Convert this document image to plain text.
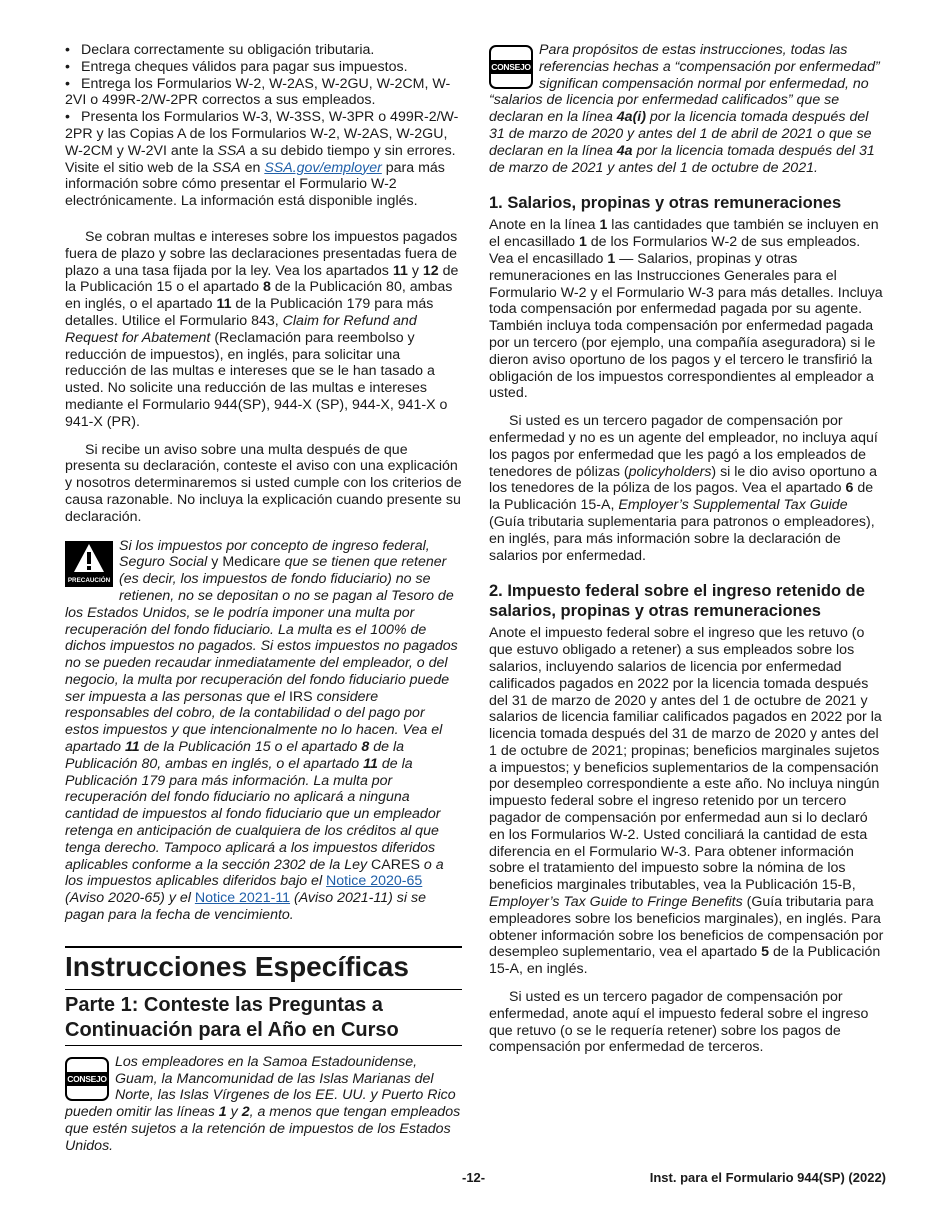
• Declara correctamente su obligación tributaria.

• Entrega cheques válidos para pagar sus impuestos.

• Entrega los Formularios W-2, W-2AS, W-2GU, W-2CM, W-2VI o 499R-2/W-2PR correctos a sus empleados.

• Presenta los Formularios W-3, W-3SS, W-3PR o 499R-2/W-2PR y las Copias A de los Formularios W-2, W-2AS, W-2GU, W-2CM y W-2VI ante la SSA a su debido tiempo y sin errores. Visite el sitio web de la SSA en SSA.gov/employer para más información sobre cómo presentar el Formulario W-2 electrónicamente. La información está disponible inglés.

Se cobran multas e intereses sobre los impuestos pagados fuera de plazo y sobre las declaraciones presentadas fuera de plazo a una tasa fijada por la ley. Vea los apartados 11 y 12 de la Publicación 15 o el apartado 8 de la Publicación 80, ambas en inglés, o el apartado 11 de la Publicación 179 para más detalles. Utilice el Formulario 843, Claim for Refund and Request for Abatement (Reclamación para reembolso y reducción de impuestos), en inglés, para solicitar una reducción de las multas e intereses que se le han tasado a usted. No solicite una reducción de las multas e intereses mediante el Formulario 944(SP), 944-X (SP), 944-X, 941-X o 941-X (PR).

Si recibe un aviso sobre una multa después de que presenta su declaración, conteste el aviso con una explicación y nosotros determinaremos si usted cumple con los criterios de causa razonable. No incluya la explicación cuando presente su declaración.

PRECAUCIÓN
Si los impuestos por concepto de ingreso federal, Seguro Social y Medicare que se tienen que retener (es decir, los impuestos de fondo fiduciario) no se retienen, no se depositan o no se pagan al Tesoro de los Estados Unidos, se le podría imponer una multa por recuperación del fondo fiduciario. La multa es el 100% de dichos impuestos no pagados. Si estos impuestos no pagados no se pueden recaudar inmediatamente del empleador, o del negocio, la multa por recuperación del fondo fiduciario puede ser impuesta a las personas que el IRS considere responsables del cobro, de la contabilidad o del pago por estos impuestos y que intencionalmente no lo hacen. Vea el apartado 11 de la Publicación 15 o el apartado 8 de la Publicación 80, ambas en inglés, o el apartado 11 de la Publicación 179 para más información. La multa por recuperación del fondo fiduciario no aplicará a ninguna cantidad de impuestos al fondo fiduciario que un empleador retenga en anticipación de cualquiera de los créditos al que tenga derecho. Tampoco aplicará a los impuestos diferidos aplicables conforme a la sección 2302 de la Ley CARES o a los impuestos aplicables diferidos bajo el Notice 2020-65 (Aviso 2020-65) y el Notice 2021-11 (Aviso 2021-11) si se pagan para la fecha de vencimiento.
Instrucciones Específicas
Parte 1: Conteste las Preguntas a Continuación para el Año en Curso
CONSEJO
Los empleadores en la Samoa Estadounidense, Guam, la Mancomunidad de las Islas Marianas del Norte, las Islas Vírgenes de los EE. UU. y Puerto Rico pueden omitir las líneas 1 y 2, a menos que tengan empleados que estén sujetos a la retención de impuestos de los Estados Unidos.
CONSEJO
Para propósitos de estas instrucciones, todas las referencias hechas a “compensación por enfermedad” significan compensación normal por enfermedad, no “salarios de licencia por enfermedad calificados” que se declaran en la línea 4a(i) por la licencia tomada después del 31 de marzo de 2020 y antes del 1 de abril de 2021 o que se declaran en la línea 4a por la licencia tomada después del 31 de marzo de 2021 y antes del 1 de octubre de 2021.
1. Salarios, propinas y otras remuneraciones

Anote en la línea 1 las cantidades que también se incluyen en el encasillado 1 de los Formularios W-2 de sus empleados. Vea el encasillado 1 — Salarios, propinas y otras remuneraciones en las Instrucciones Generales para el Formulario W-2 y el Formulario W-3 para más detalles. Incluya toda compensación por enfermedad pagada por su agente. También incluya toda compensación por enfermedad pagada por un tercero (por ejemplo, una compañía aseguradora) si le dieron aviso oportuno de los pagos y el tercero le transfirió la obligación de los impuestos correspondientes al empleador a usted.

Si usted es un tercero pagador de compensación por enfermedad y no es un agente del empleador, no incluya aquí los pagos por enfermedad que les pagó a los empleados de tenedores de pólizas (policyholders) si le dio aviso oportuno a los tenedores de la póliza de los pagos. Vea el apartado 6 de la Publicación 15-A, Employer’s Supplemental Tax Guide (Guía tributaria suplementaria para patronos o empleadores), en inglés, para más información sobre la declaración de salarios por enfermedad.

2. Impuesto federal sobre el ingreso retenido de salarios, propinas y otras remuneraciones

Anote el impuesto federal sobre el ingreso que les retuvo (o que estuvo obligado a retener) a sus empleados sobre los salarios, incluyendo salarios de licencia por enfermedad calificados pagados en 2022 por la licencia tomada después del 31 de marzo de 2020 y antes del 1 de octubre de 2021 y salarios de licencia familiar calificados pagados en 2022 por la licencia tomada después del 31 de marzo de 2020 y antes del 1 de octubre de 2021; propinas; beneficios marginales sujetos a impuestos; y beneficios suplementarios de la compensación por desempleo correspondiente a este año. No incluya ningún impuesto federal sobre el ingreso retenido por un tercero pagador de compensación por enfermedad aun si lo declaró en los Formularios W-2. Usted conciliará la cantidad de esta diferencia en el Formulario W-3. Para obtener información sobre el tratamiento del impuesto sobre la nómina de los beneficios marginales tributables, vea la Publicación 15-B, Employer’s Tax Guide to Fringe Benefits (Guía tributaria para empleadores sobre los beneficios marginales), en inglés. Para obtener información sobre los beneficios de compensación por desempleo suplementario, vea el apartado 5 de la Publicación 15-A, en inglés.

Si usted es un tercero pagador de compensación por enfermedad, anote aquí el impuesto federal sobre el ingreso que retuvo (o se le requería retener) sobre los pagos de compensación por enfermedad de terceros.

-12-	Inst. para el Formulario 944(SP) (2022)
